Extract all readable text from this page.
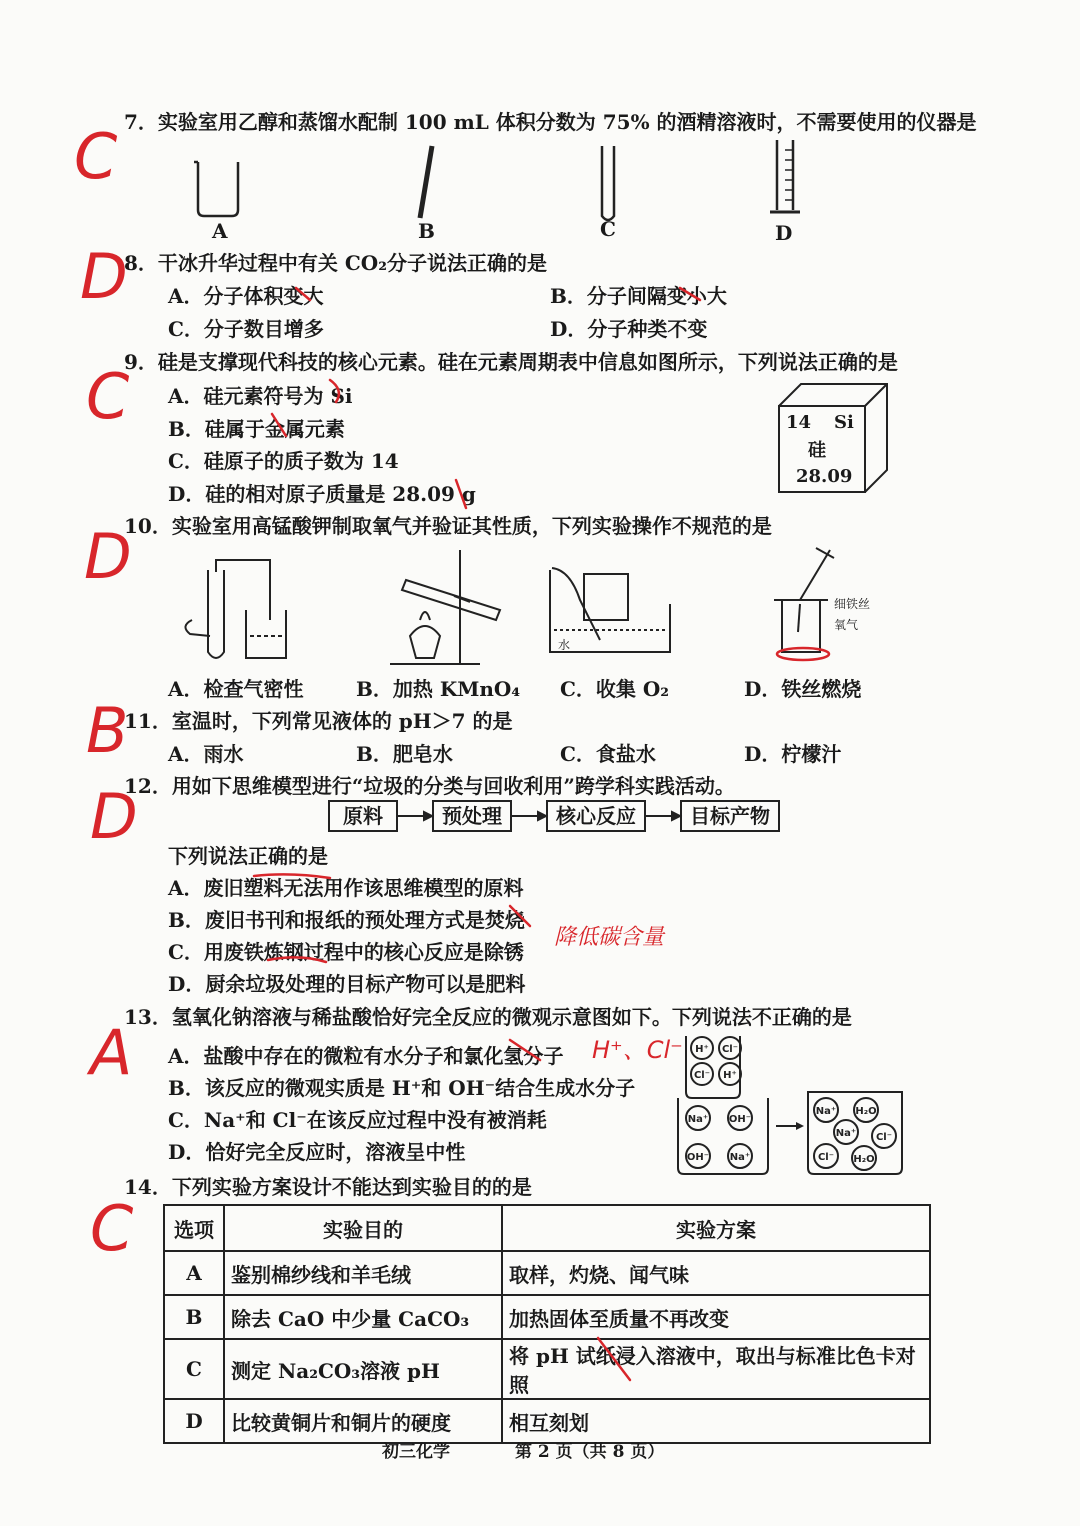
7．实验室用乙醇和蒸馏水配制 100 mL 体积分数为 75% 的酒精溶液时，不需要使用的仪器是
A	B	C	D
8．干冰升华过程中有关 CO₂分子说法正确的是
A．分子体积变大	B．分子间隔变小大
C．分子数目增多	D．分子种类不变
9．硅是支撑现代科技的核心元素。硅在元素周期表中信息如图所示，下列说法正确的是
A．硅元素符号为 Si
B．硅属于金属元素
C．硅原子的质子数为 14
D．硅的相对原子质量是 28.09 g
14 Si
硅
28.09
10．实验室用高锰酸钾制取氧气并验证其性质，下列实验操作不规范的是
水
细铁丝
氧气
A．检查气密性	B．加热 KMnO₄ C．收集 O₂	D．铁丝燃烧
11．室温时，下列常见液体的 pH＞7 的是
A．雨水	B．肥皂水	C．食盐水	D．柠檬汁
12．用如下思维模型进行“垃圾的分类与回收利用”跨学科实践活动。
原料	预处理	核心反应	目标产物
下列说法正确的是
A．废旧塑料无法用作该思维模型的原料
B．废旧书刊和报纸的预处理方式是焚烧
C．用废铁炼钢过程中的核心反应是除锈
D．厨余垃圾处理的目标产物可以是肥料
13．氢氧化钠溶液与稀盐酸恰好完全反应的微观示意图如下。下列说法不正确的是
A．盐酸中存在的微粒有水分子和氯化氢分子
B．该反应的微观实质是 H⁺和 OH⁻结合生成水分子
C．Na⁺和 Cl⁻在该反应过程中没有被消耗
D．恰好完全反应时，溶液呈中性
H⁺ Cl⁻
Cl⁻ H⁺
Na⁺ OH⁻
OH⁻ Na⁺
Na⁺ H₂O
Na⁺ Cl⁻
Cl⁻ H₂O
14．下列实验方案设计不能达到实验目的的是
选项	实验目的	实验方案
A	鉴别棉纱线和羊毛绒	取样，灼烧、闻气味
B	除去 CaO 中少量 CaCO₃	加热固体至质量不再改变
C	测定 Na₂CO₃溶液 pH	将 pH 试纸浸入溶液中，取出与标准比色卡对照
D	比较黄铜片和铜片的硬度	相互刻划
初三化学	第 2 页（共 8 页）
C
D
C
D
B
D
A
C
降低碳含量
H⁺、Cl⁻
